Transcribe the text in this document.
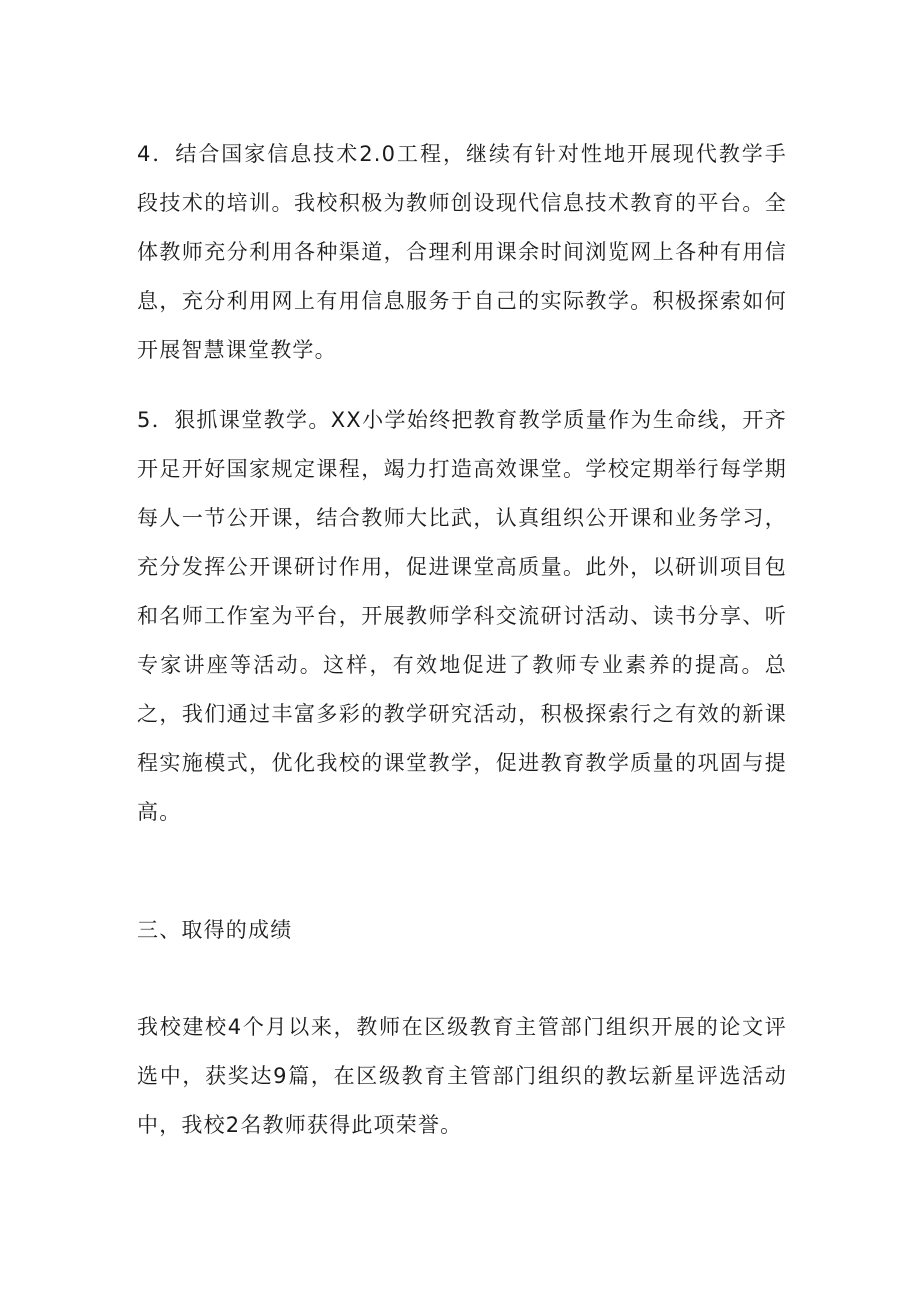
4．结合国家信息技术2.0工程，继续有针对性地开展现代教学手段技术的培训。我校积极为教师创设现代信息技术教育的平台。全体教师充分利用各种渠道，合理利用课余时间浏览网上各种有用信息，充分利用网上有用信息服务于自己的实际教学。积极探索如何开展智慧课堂教学。

5．狠抓课堂教学。XX小学始终把教育教学质量作为生命线，开齐开足开好国家规定课程，竭力打造高效课堂。学校定期举行每学期每人一节公开课，结合教师大比武，认真组织公开课和业务学习，充分发挥公开课研讨作用，促进课堂高质量。此外，以研训项目包和名师工作室为平台，开展教师学科交流研讨活动、读书分享、听专家讲座等活动。这样，有效地促进了教师专业素养的提高。总之，我们通过丰富多彩的教学研究活动，积极探索行之有效的新课程实施模式，优化我校的课堂教学，促进教育教学质量的巩固与提高。

三、取得的成绩

我校建校4个月以来，教师在区级教育主管部门组织开展的论文评选中，获奖达9篇，在区级教育主管部门组织的教坛新星评选活动中，我校2名教师获得此项荣誉。
